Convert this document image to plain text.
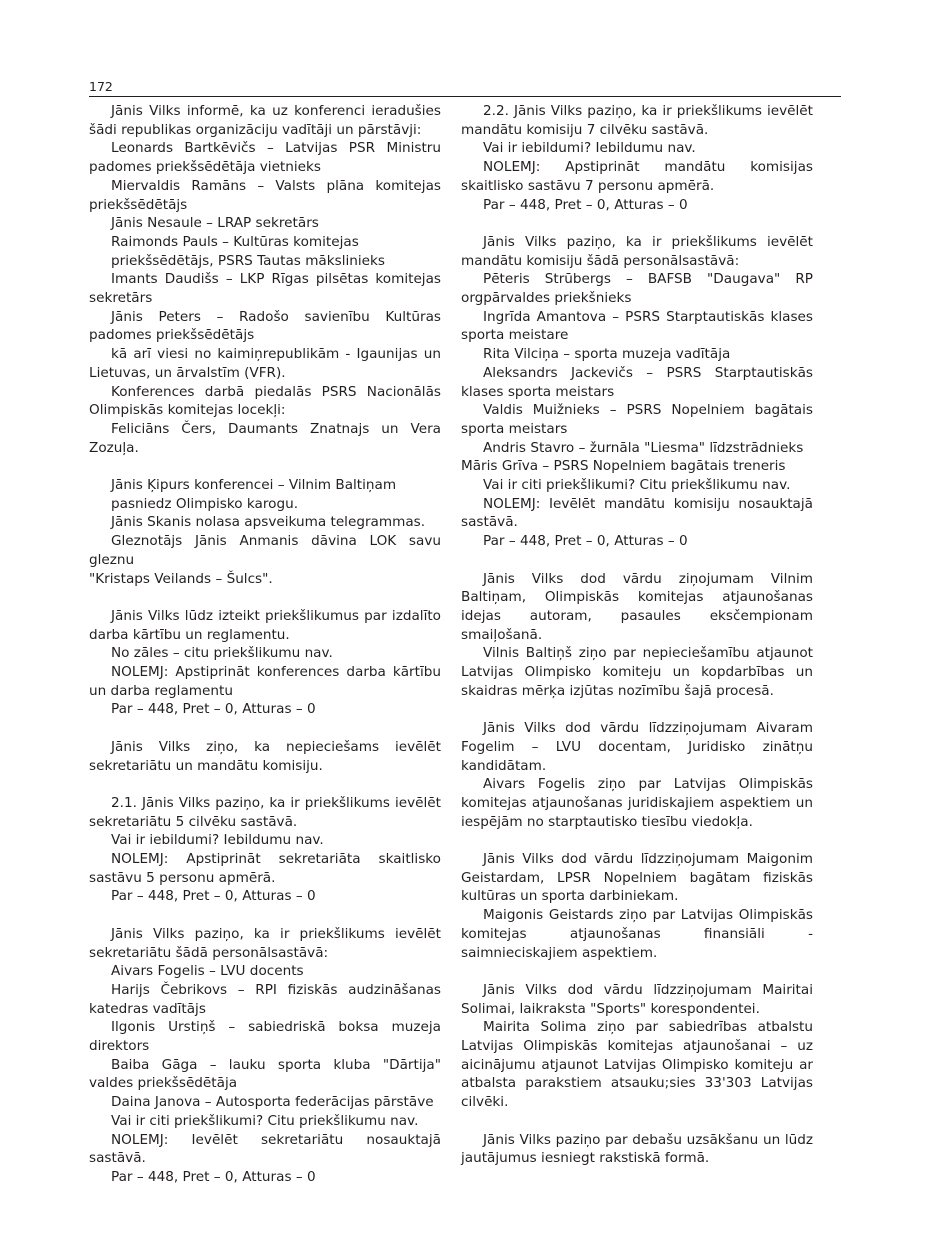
172

Jānis Vilks informē, ka uz konferenci ieradušies šādi republikas organizāciju vadītāji un pārstāvji:

Leonards Bartkēvičs – Latvijas PSR Ministru padomes priekšsēdētāja vietnieks

Miervaldis Ramāns – Valsts plāna komitejas priekšsēdētājs

Jānis Nesaule – LRAP sekretārs

Raimonds Pauls – Kultūras komitejas

priekšsēdētājs, PSRS Tautas mākslinieks

Imants Daudišs – LKP Rīgas pilsētas komitejas sekretārs

Jānis Peters – Radošo savienību Kultūras padomes priekšsēdētājs

kā arī viesi no kaimiņrepublikām - Igaunijas un Lietuvas, un ārvalstīm (VFR).

Konferences darbā piedalās PSRS Nacionālās Olimpiskās komitejas locekļi:

Feliciāns Čers, Daumants Znatnajs un Vera Zozuļa.

Jānis Ķipurs konferencei – Vilnim Baltiņam

pasniedz Olimpisko karogu.

Jānis Skanis nolasa apsveikuma telegrammas.

Gleznotājs Jānis Anmanis dāvina LOK savu gleznu

"Kristaps Veilands – Šulcs".

Jānis Vilks lūdz izteikt priekšlikumus par izdalīto darba kārtību un reglamentu.

No zāles – citu priekšlikumu nav.

NOLEMJ: Apstiprināt konferences darba kārtību un darba reglamentu

Par – 448, Pret – 0, Atturas – 0

Jānis Vilks ziņo, ka nepieciešams ievēlēt sekretariātu un mandātu komisiju.

2.1. Jānis Vilks paziņo, ka ir priekšlikums ievēlēt sekretariātu 5 cilvēku sastāvā.

Vai ir iebildumi? Iebildumu nav.

NOLEMJ: Apstiprināt sekretariāta skaitlisko sastāvu 5 personu apmērā.

Par – 448, Pret – 0, Atturas – 0

Jānis Vilks paziņo, ka ir priekšlikums ievēlēt sekretariātu šādā personālsastāvā:

Aivars Fogelis – LVU docents

Harijs Čebrikovs – RPI fiziskās audzināšanas katedras vadītājs

Ilgonis Urstiņš – sabiedriskā boksa muzeja direktors

Baiba Gāga – lauku sporta kluba "Dārtija" valdes priekšsēdētāja

Daina Janova – Autosporta federācijas pārstāve

Vai ir citi priekšlikumi? Citu priekšlikumu nav.

NOLEMJ: Ievēlēt sekretariātu nosauktajā sastāvā.

Par – 448, Pret – 0, Atturas – 0

2.2. Jānis Vilks paziņo, ka ir priekšlikums ievēlēt mandātu komisiju 7 cilvēku sastāvā.

Vai ir iebildumi? Iebildumu nav.

NOLEMJ: Apstiprināt mandātu komisijas skaitlisko sastāvu 7 personu apmērā.

Par – 448, Pret – 0, Atturas – 0

Jānis Vilks paziņo, ka ir priekšlikums ievēlēt mandātu komisiju šādā personālsastāvā:

Pēteris Strūbergs – BAFSB "Daugava" RP orgpārvaldes priekšnieks

Ingrīda Amantova – PSRS Starptautiskās klases sporta meistare

Rita Vilciņa – sporta muzeja vadītāja

Aleksandrs Jackevičs – PSRS Starptautiskās klases sporta meistars

Valdis Muižnieks – PSRS Nopelniem bagātais sporta meistars

Andris Stavro – žurnāla "Liesma" līdzstrādnieks

Māris Grīva – PSRS Nopelniem bagātais treneris

Vai ir citi priekšlikumi? Citu priekšlikumu nav.

NOLEMJ: Ievēlēt mandātu komisiju nosauktajā sastāvā.

Par – 448, Pret – 0, Atturas – 0

Jānis Vilks dod vārdu ziņojumam Vilnim Baltiņam, Olimpiskās komitejas atjaunošanas idejas autoram, pasaules eksčempionam smaiļošanā.

Vilnis Baltiņš ziņo par nepieciešamību atjaunot Latvijas Olimpisko komiteju un kopdarbības un skaidras mērķa izjūtas nozīmību šajā procesā.

Jānis Vilks dod vārdu līdzziņojumam Aivaram Fogelim – LVU docentam, Juridisko zinātņu kandidātam.

Aivars Fogelis ziņo par Latvijas Olimpiskās komitejas atjaunošanas juridiskajiem aspektiem un iespējām no starptautisko tiesību viedokļa.

Jānis Vilks dod vārdu līdzziņojumam Maigonim Geistardam, LPSR Nopelniem bagātam fiziskās kultūras un sporta darbiniekam.

Maigonis Geistards ziņo par Latvijas Olimpiskās komitejas atjaunošanas finansiāli - saimnieciskajiem aspektiem.

Jānis Vilks dod vārdu līdzziņojumam Mairitai Solimai, laikraksta "Sports" korespondentei.

Mairita Solima ziņo par sabiedrības atbalstu Latvijas Olimpiskās komitejas atjaunošanai – uz aicinājumu atjaunot Latvijas Olimpisko komiteju ar atbalsta parakstiem atsauku;sies 33'303 Latvijas cilvēki.

Jānis Vilks paziņo par debašu uzsākšanu un lūdz jautājumus iesniegt rakstiskā formā.
